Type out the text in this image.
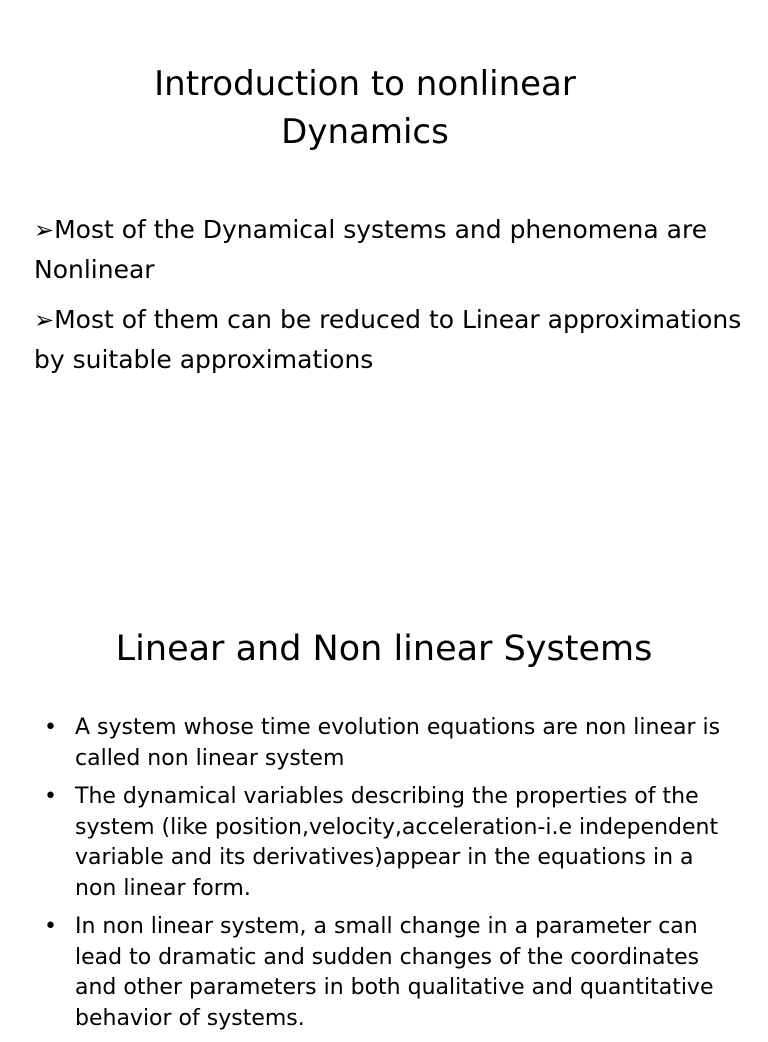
Introduction to nonlinear
Dynamics
➢Most of the Dynamical systems and phenomena are Nonlinear
➢Most of them can be reduced to Linear approximations by suitable approximations
Linear and Non linear Systems
• A system whose time evolution equations are non linear is called non linear system
• The dynamical variables describing the properties of the system (like position,velocity,acceleration-i.e independent variable and its derivatives)appear in the equations in a non linear form.
• In non linear system, a small change in a parameter can lead to dramatic and sudden changes of the coordinates and other parameters in both qualitative and quantitative behavior of systems.
